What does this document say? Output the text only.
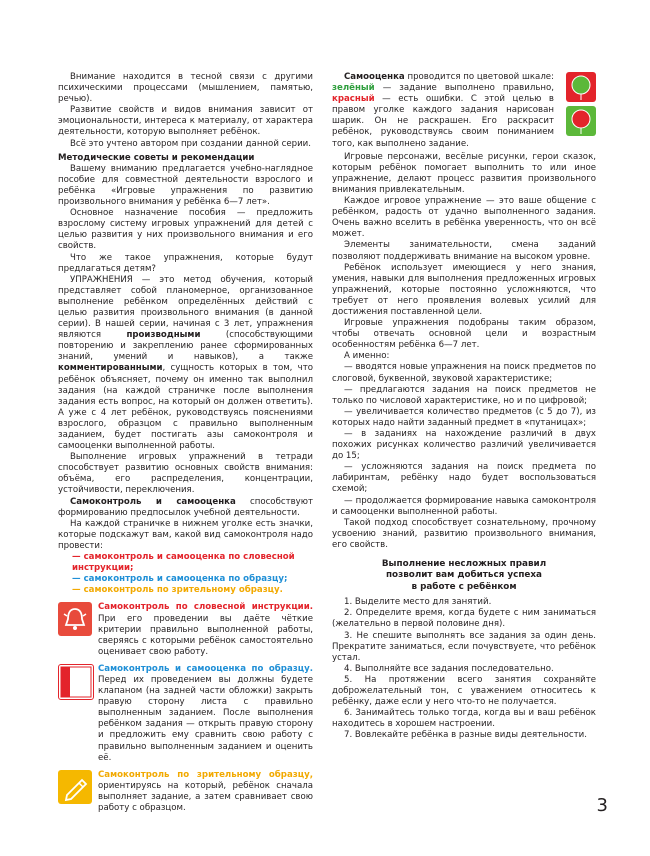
Внимание находится в тесной связи с другими психическими процессами (мышлением, памятью, речью).

Развитие свойств и видов внимания зависит от эмоциональности, интереса к материалу, от характера деятельности, которую выполняет ребёнок.

Всё это учтено автором при создании данной серии.

Методические советы и рекомендации

Вашему вниманию предлагается учебно-наглядное пособие для совместной деятельности взрослого и ребёнка «Игровые упражнения по развитию произвольного внимания у ребёнка 6—7 лет».

Основное назначение пособия — предложить взрослому систему игровых упражнений для детей с целью развития у них произвольного внимания и его свойств.

Что же такое упражнения, которые будут предлагаться детям?

УПРАЖНЕНИЯ — это метод обучения, который представляет собой планомерное, организованное выполнение ребёнком определённых действий с целью развития произвольного внимания (в данной серии). В нашей серии, начиная с 3 лет, упражнения являются производными (способствующими повторению и закреплению ранее сформированных знаний, умений и навыков), а также комментированными, сущность которых в том, что ребёнок объясняет, почему он именно так выполнил задания (на каждой страничке после выполнения задания есть вопрос, на который он должен ответить). А уже с 4 лет ребёнок, руководствуясь пояснениями взрослого, образцом с правильно выполненным заданием, будет постигать азы самоконтроля и самооценки выполненной работы.

Выполнение игровых упражнений в тетради способствует развитию основных свойств внимания: объёма, его распределения, концентрации, устойчивости, переключения.

Самоконтроль и самооценка способствуют формированию предпосылок учебной деятельности.

На каждой страничке в нижнем уголке есть значки, которые подскажут вам, какой вид самоконтроля надо провести:

— самоконтроль и самооценка по словесной инструкции;
— самоконтроль и самооценка по образцу;
— самоконтроль по зрительному образцу.
Самоконтроль по словесной инструкции. При его проведении вы даёте чёткие критерии правильно выполненной работы, сверяясь с которыми ребёнок самостоятельно оценивает свою работу.
Самоконтроль и самооценка по образцу. Перед их проведением вы должны будете клапаном (на задней части обложки) закрыть правую сторону листа с правильно выполненным заданием. После выполнения ребёнком задания — открыть правую сторону и предложить ему сравнить свою работу с правильно выполненным заданием и оценить её.
Самоконтроль по зрительному образцу, ориентируясь на который, ребёнок сначала выполняет задание, а затем сравнивает свою работу с образцом.

Самооценка проводится по цветовой шкале: зелёный — задание выполнено правильно, красный — есть ошибки. С этой целью в правом уголке каждого задания нарисован шарик. Он не раскрашен. Его раскрасит ребёнок, руководствуясь своим пониманием того, как выполнено задание.

Игровые персонажи, весёлые рисунки, герои сказок, которым ребёнок помогает выполнить то или иное упражнение, делают процесс развития произвольного внимания привлекательным.

Каждое игровое упражнение — это ваше общение с ребёнком, радость от удачно выполненного задания. Очень важно вселить в ребёнка уверенность, что он всё может.

Элементы занимательности, смена заданий позволяют поддерживать внимание на высоком уровне.

Ребёнок использует имеющиеся у него знания, умения, навыки для выполнения предложенных игровых упражнений, которые постоянно усложняются, что требует от него проявления волевых усилий для достижения поставленной цели.

Игровые упражнения подобраны таким образом, чтобы отвечать основной цели и возрастным особенностям ребёнка 6—7 лет.

А именно:

— вводятся новые упражнения на поиск предметов по слоговой, буквенной, звуковой характеристике;

— предлагаются задания на поиск предметов не только по числовой характеристике, но и по цифровой;

— увеличивается количество предметов (с 5 до 7), из которых надо найти заданный предмет в «путаницах»;

— в заданиях на нахождение различий в двух похожих рисунках количество различий увеличивается до 15;

— усложняются задания на поиск предмета по лабиринтам, ребёнку надо будет воспользоваться схемой;

— продолжается формирование навыка самоконтроля и самооценки выполненной работы.

Такой подход способствует сознательному, прочному усвоению знаний, развитию произвольного внимания, его свойств.

Выполнение несложных правил
позволит вам добиться успеха
в работе с ребёнком

1. Выделите место для занятий.

2. Определите время, когда будете с ним заниматься (желательно в первой половине дня).

3. Не спешите выполнять все задания за один день. Прекратите заниматься, если почувствуете, что ребёнок устал.

4. Выполняйте все задания последовательно.

5. На протяжении всего занятия сохраняйте доброжелательный тон, с уважением относитесь к ребёнку, даже если у него что-то не получается.

6. Занимайтесь только тогда, когда вы и ваш ребёнок находитесь в хорошем настроении.

7. Вовлекайте ребёнка в разные виды деятельности.

3
